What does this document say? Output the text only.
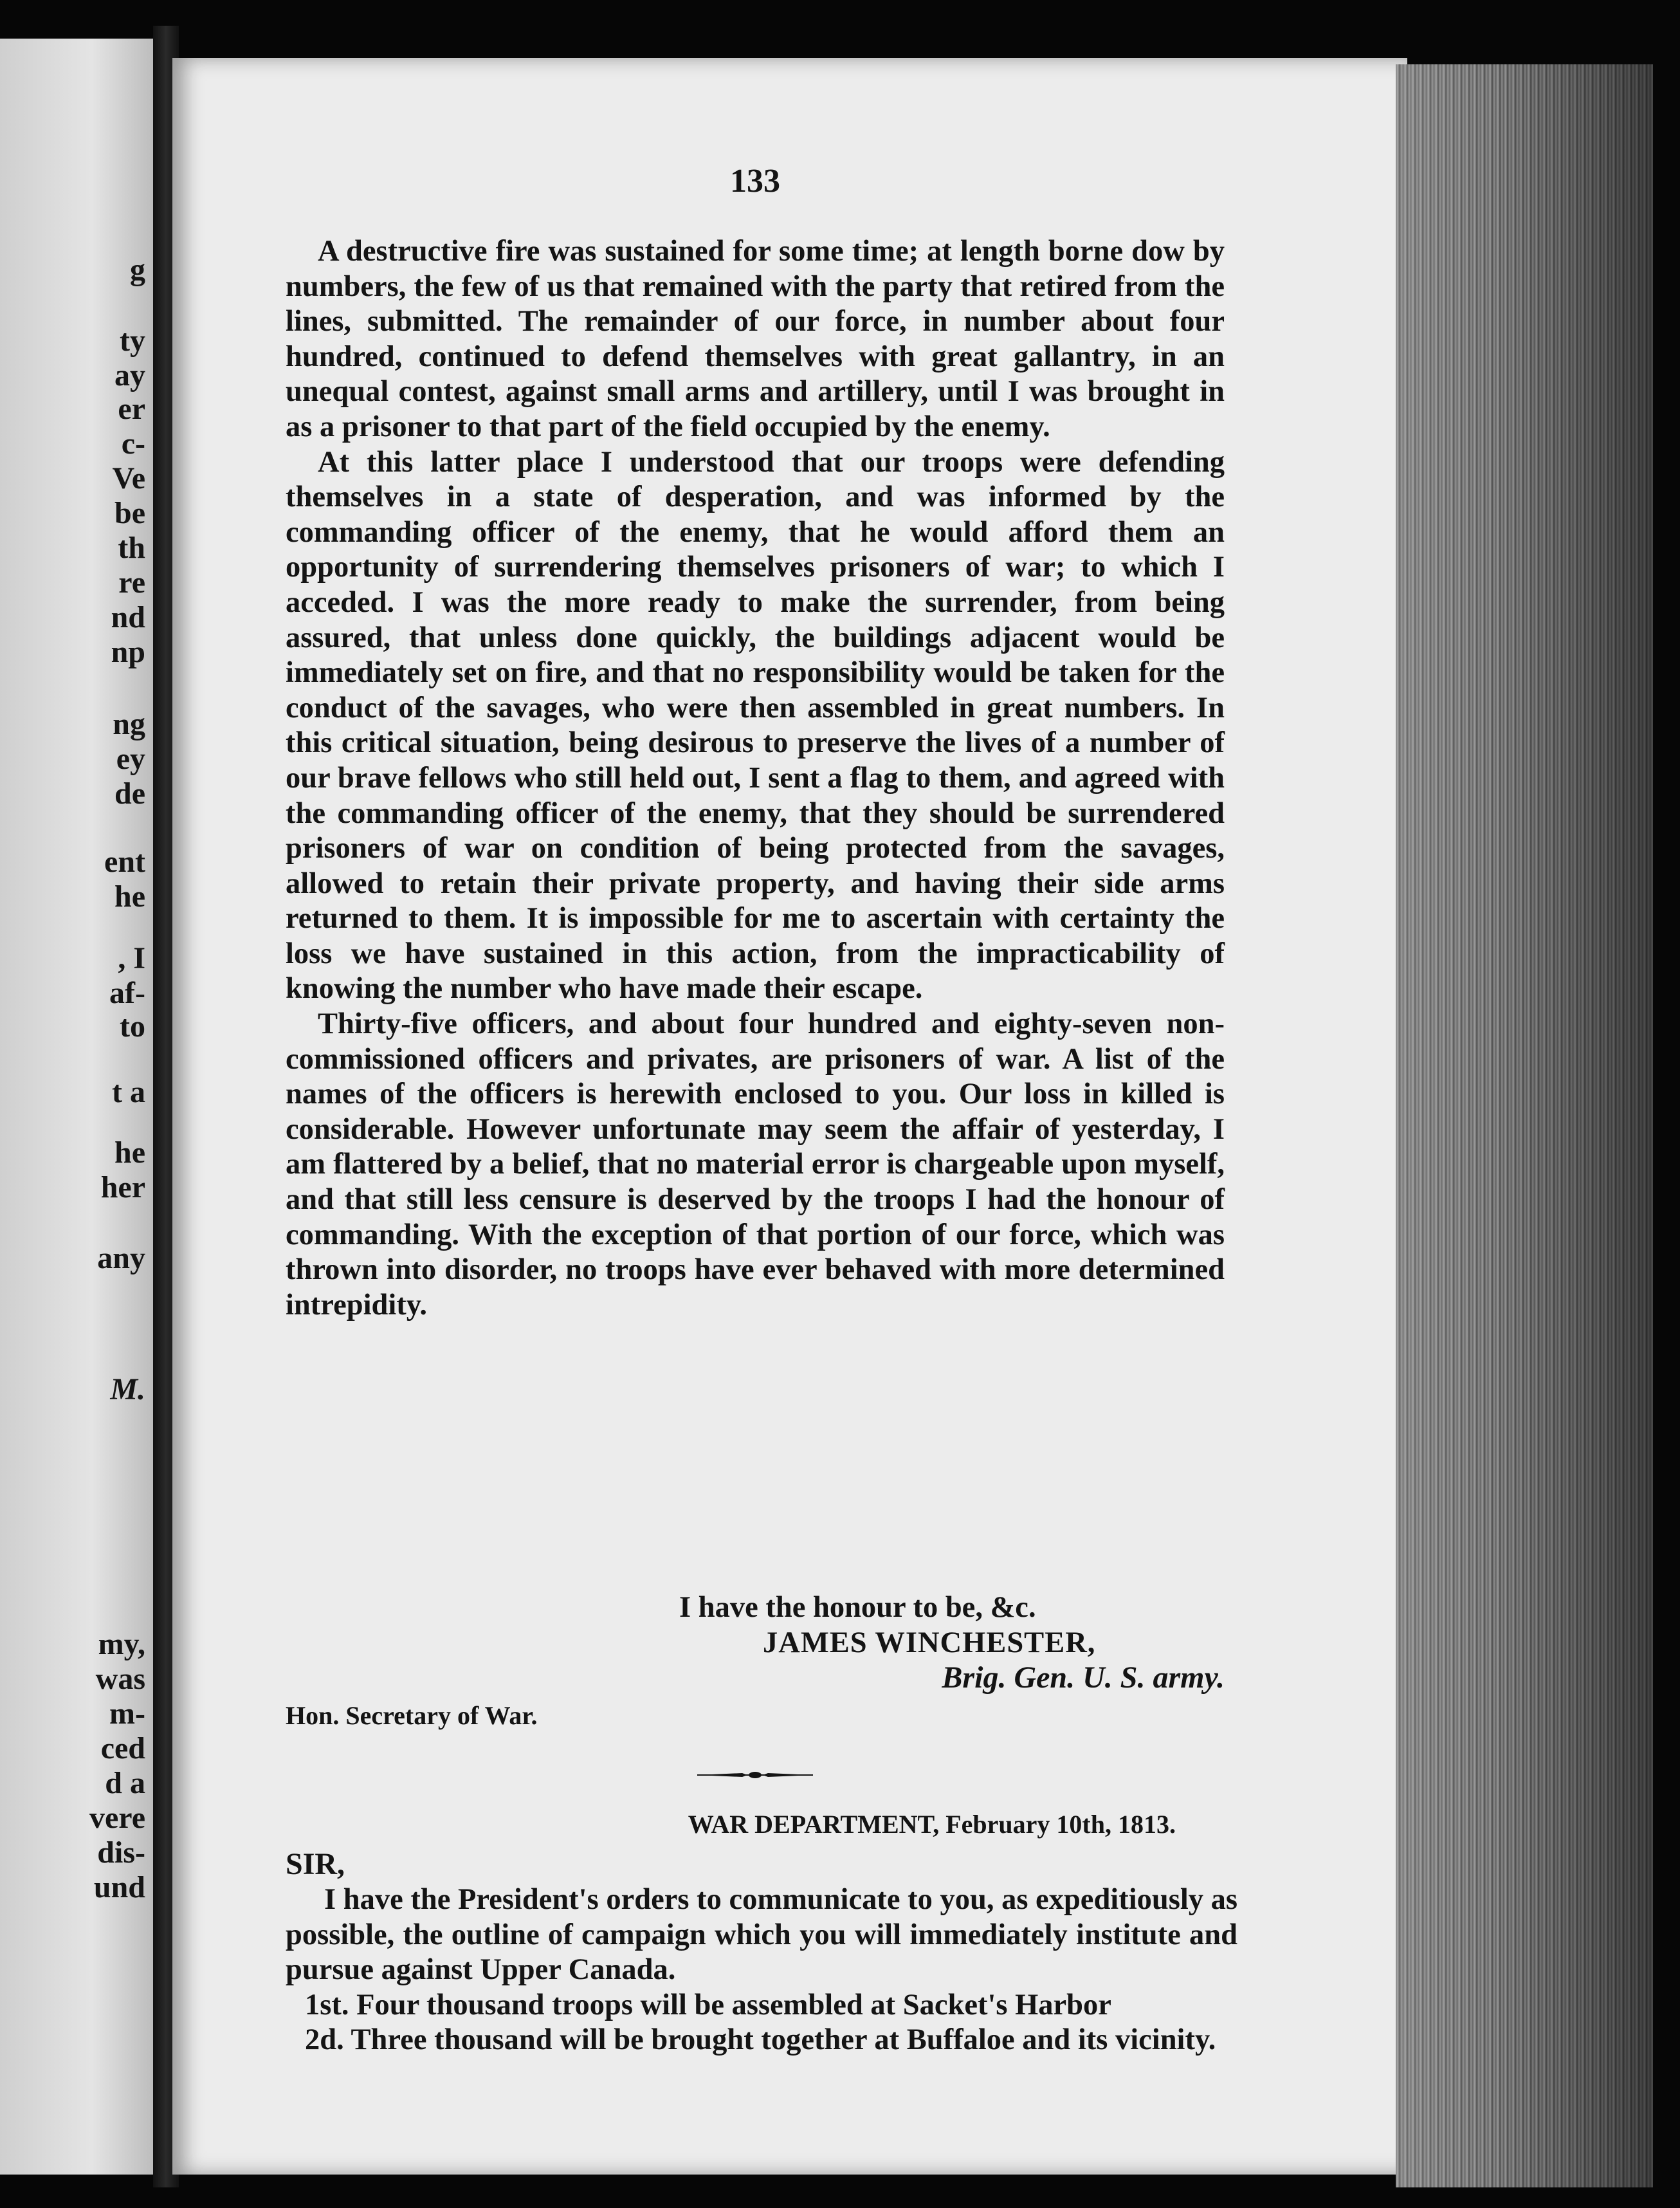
g
ty
ay
er
c-
Ve
be
th
re
nd
np
ng
ey
de
ent
he
, I
af-
to
t a
he
her
any
M.
my,
was
m-
ced
d a
vere
dis-
und
133

A destructive fire was sustained for some time; at length borne dow by numbers, the few of us that remained with the party that retired from the lines, submitted. The remainder of our force, in number about four hundred, continued to defend themselves with great gallantry, in an unequal contest, against small arms and artillery, until I was brought in as a prisoner to that part of the field occupied by the enemy.

At this latter place I understood that our troops were defending themselves in a state of desperation, and was informed by the commanding officer of the enemy, that he would afford them an opportunity of surrendering themselves prisoners of war; to which I acceded. I was the more ready to make the surrender, from being assured, that unless done quickly, the buildings adjacent would be immediately set on fire, and that no responsibility would be taken for the conduct of the savages, who were then assembled in great numbers. In this critical situation, being desirous to preserve the lives of a number of our brave fellows who still held out, I sent a flag to them, and agreed with the commanding officer of the enemy, that they should be surrendered prisoners of war on condition of being protected from the savages, allowed to retain their private property, and having their side arms returned to them. It is impossible for me to ascertain with certainty the loss we have sustained in this action, from the impracticability of knowing the number who have made their escape.

Thirty-five officers, and about four hundred and eighty-seven non-commissioned officers and privates, are prisoners of war. A list of the names of the officers is herewith enclosed to you. Our loss in killed is considerable. However unfortunate may seem the affair of yesterday, I am flattered by a belief, that no material error is chargeable upon myself, and that still less censure is deserved by the troops I had the honour of commanding. With the exception of that portion of our force, which was thrown into disorder, no troops have ever behaved with more determined intrepidity.

I have the honour to be, &c.
JAMES WINCHESTER,
Brig. Gen. U. S. army.
Hon. Secretary of War.
WAR DEPARTMENT, February 10th, 1813.
SIR,

I have the President's orders to communicate to you, as expeditiously as possible, the outline of campaign which you will immediately institute and pursue against Upper Canada.

1st. Four thousand troops will be assembled at Sacket's Harbor

2d. Three thousand will be brought together at Buffaloe and its vicinity.
